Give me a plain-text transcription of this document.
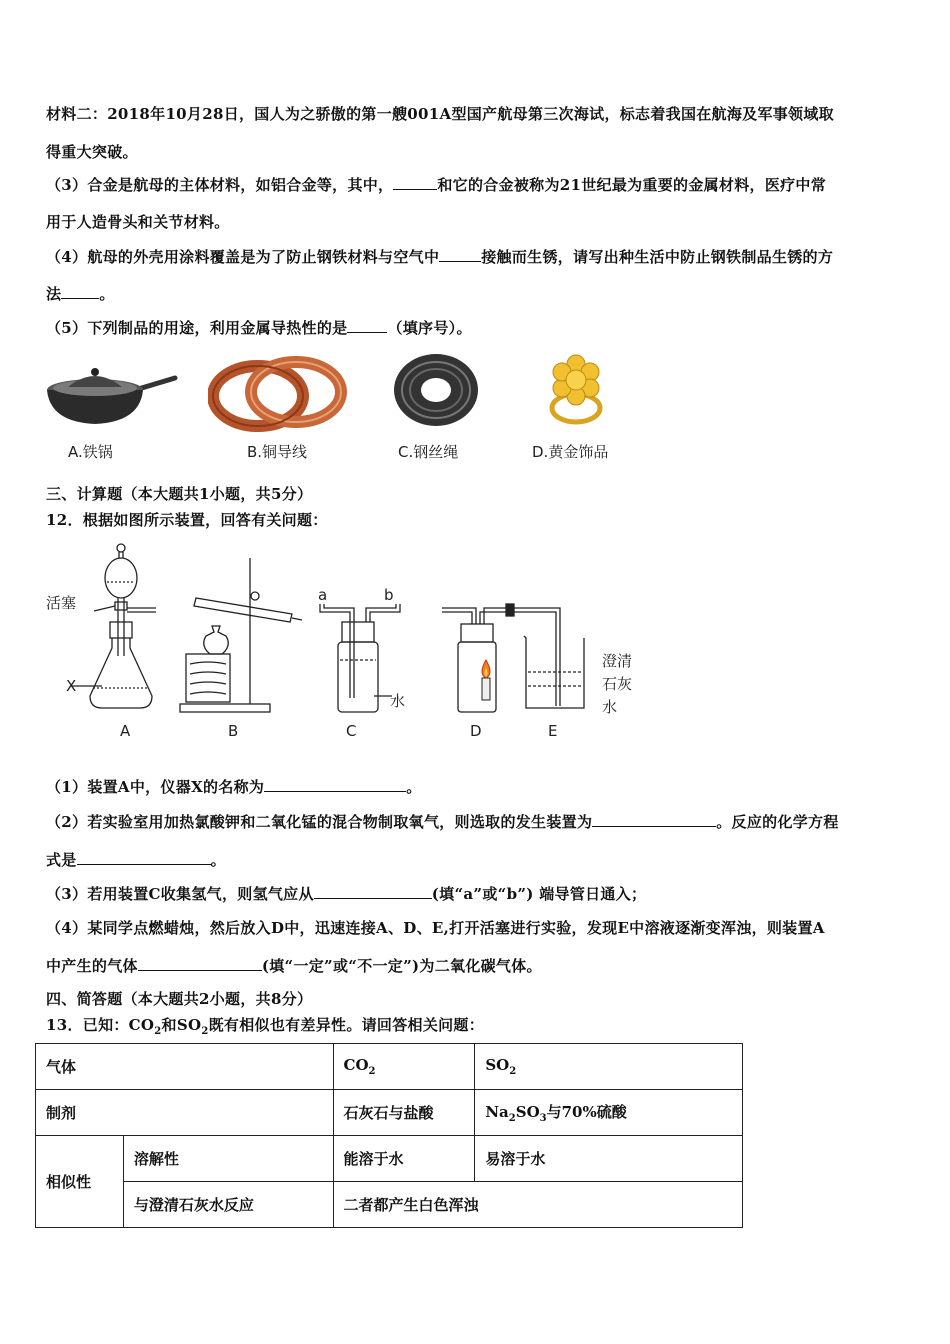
材料二：2018年10月28日，国人为之骄傲的第一艘001A型国产航母第三次海试，标志着我国在航海及军事领域取
得重大突破。
（3）合金是航母的主体材料，如铝合金等，其中，	和它的合金被称为21世纪最为重要的金属材料，医疗中常
用于人造骨头和关节材料。
（4）航母的外壳用涂料覆盖是为了防止钢铁材料与空气中	接触而生锈，请写出种生活中防止钢铁制品生锈的方
法	。
（5）下列制品的用途，利用金属导热性的是	（填序号）。
A.铁锅	B.铜导线	C.钢丝绳	D.黄金饰品
三、计算题（本大题共1小题，共5分）
12．根据如图所示装置，回答有关问题：
活塞
X
a	b
水
澄清
石灰
水
A	B	C	D	E
（1）装置A中，仪器X的名称为	。
（2）若实验室用加热氯酸钾和二氧化锰的混合物制取氧气，则选取的发生装置为	。反应的化学方程
式是	。
（3）若用装置C收集氢气，则氢气应从	(填“a”或“b”) 端导管日通入；
（4）某同学点燃蜡烛，然后放入D中，迅速连接A、D、E,打开活塞进行实验，发现E中溶液逐渐变浑浊，则装置A
中产生的气体	(填“一定”或“不一定”)为二氧化碳气体。
四、简答题（本大题共2小题，共8分）
13．已知：$CO_2$和$SO_2$既有相似也有差异性。请回答相关问题：
气体		$CO_2$	$SO_2$
制剂		石灰石与盐酸	$Na_2SO_3$与70%硫酸
相似性	溶解性	能溶于水	易溶于水
	与澄清石灰水反应	二者都产生白色浑浊	
